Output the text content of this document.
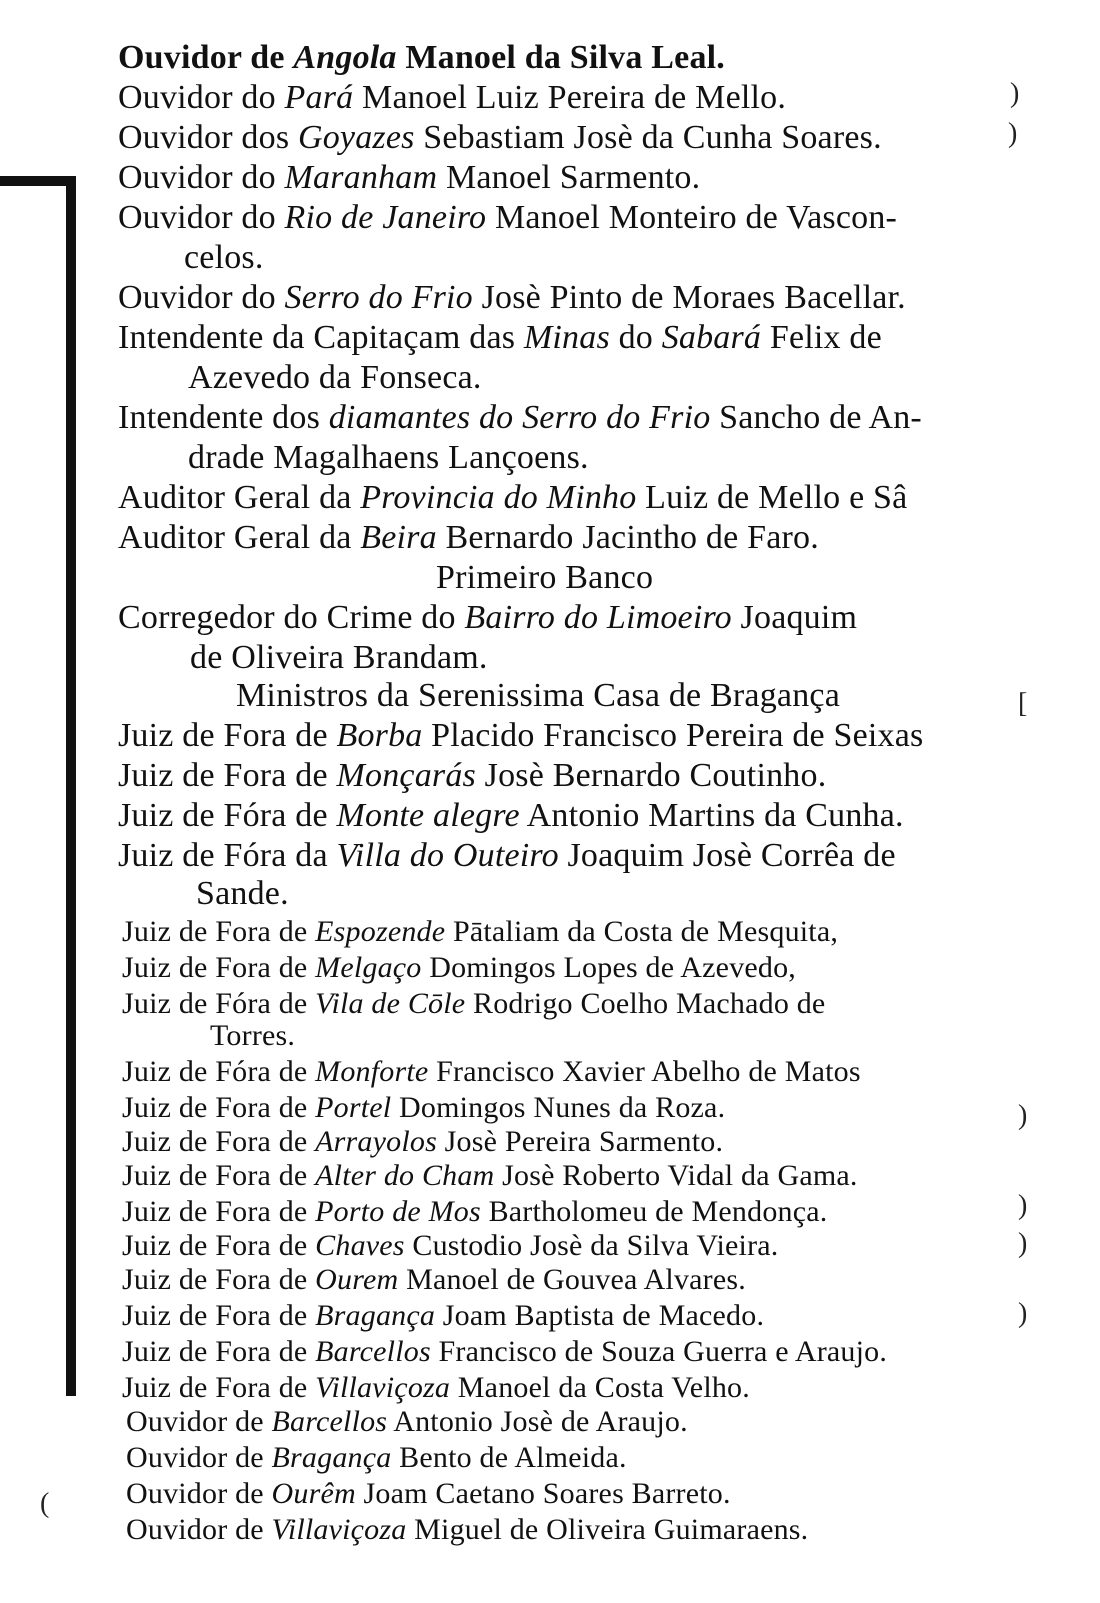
Ouvidor de Angola Manoel da Silva Leal.
Ouvidor do Pará Manoel Luiz Pereira de Mello.
Ouvidor dos Goyazes Sebastiam Josè da Cunha Soares.
Ouvidor do Maranham Manoel Sarmento.
Ouvidor do Rio de Janeiro Manoel Monteiro de Vascon-
celos.
Ouvidor do Serro do Frio Josè Pinto de Moraes Bacellar.
Intendente da Capitaçam das Minas do Sabará Felix de
Azevedo da Fonseca.
Intendente dos diamantes do Serro do Frio Sancho de An-
drade Magalhaens Lançoens.
Auditor Geral da Provincia do Minho Luiz de Mello e Sâ
Auditor Geral da Beira Bernardo Jacintho de Faro.
Primeiro Banco
Corregedor do Crime do Bairro do Limoeiro Joaquim
de Oliveira Brandam.
Ministros da Serenissima Casa de Bragança
Juiz de Fora de Borba Placido Francisco Pereira de Seixas
Juiz de Fora de Monçarás Josè Bernardo Coutinho.
Juiz de Fóra de Monte alegre Antonio Martins da Cunha.
Juiz de Fóra da Villa do Outeiro Joaquim Josè Corrêa de
Sande.
Juiz de Fora de Espozende Pātaliam da Costa de Mesquita,
Juiz de Fora de Melgaço Domingos Lopes de Azevedo,
Juiz de Fóra de Vila de Cōle Rodrigo Coelho Machado de
Torres.
Juiz de Fóra de Monforte Francisco Xavier Abelho de Matos
Juiz de Fora de Portel Domingos Nunes da Roza.
Juiz de Fora de Arrayolos Josè Pereira Sarmento.
Juiz de Fora de Alter do Cham Josè Roberto Vidal da Gama.
Juiz de Fora de Porto de Mos Bartholomeu de Mendonça.
Juiz de Fora de Chaves Custodio Josè da Silva Vieira.
Juiz de Fora de Ourem Manoel de Gouvea Alvares.
Juiz de Fora de Bragança Joam Baptista de Macedo.
Juiz de Fora de Barcellos Francisco de Souza Guerra e Araujo.
Juiz de Fora de Villaviçoza Manoel da Costa Velho.
Ouvidor de Barcellos Antonio Josè de Araujo.
Ouvidor de Bragança Bento de Almeida.
Ouvidor de Ourêm Joam Caetano Soares Barreto.
Ouvidor de Villaviçoza Miguel de Oliveira Guimaraens.
)
)
[
)
)
)
)
(
